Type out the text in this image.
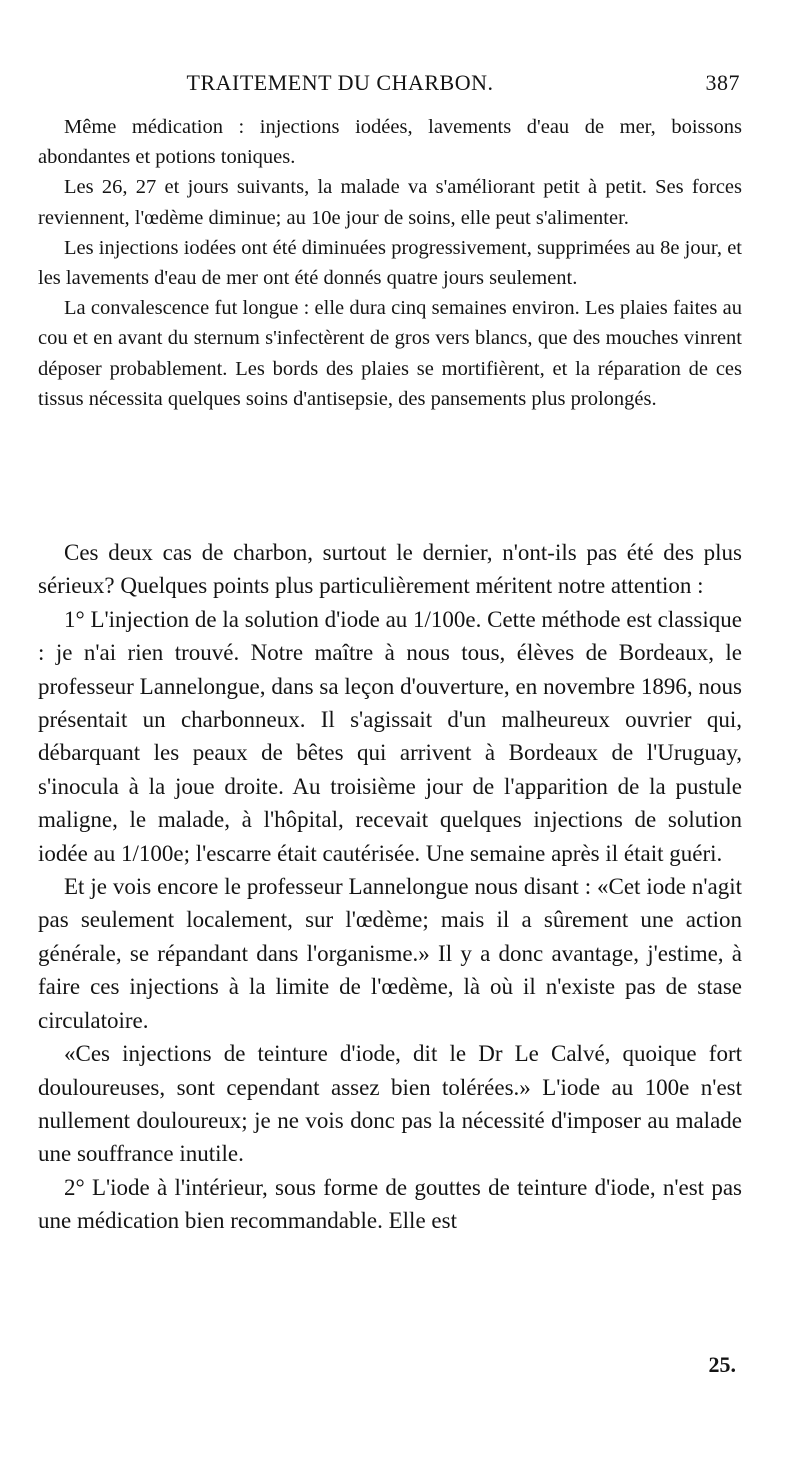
TRAITEMENT DU CHARBON.	387

Même médication : injections iodées, lavements d'eau de mer, boissons abondantes et potions toniques.

Les 26, 27 et jours suivants, la malade va s'améliorant petit à petit. Ses forces reviennent, l'œdème diminue; au 10e jour de soins, elle peut s'alimenter.

Les injections iodées ont été diminuées progressivement, supprimées au 8e jour, et les lavements d'eau de mer ont été donnés quatre jours seulement.

La convalescence fut longue : elle dura cinq semaines environ. Les plaies faites au cou et en avant du sternum s'infectèrent de gros vers blancs, que des mouches vinrent déposer probablement. Les bords des plaies se mortifièrent, et la réparation de ces tissus nécessita quelques soins d'antisepsie, des pansements plus prolongés.

Ces deux cas de charbon, surtout le dernier, n'ont-ils pas été des plus sérieux? Quelques points plus particulièrement méritent notre attention :

1° L'injection de la solution d'iode au 1/100e. Cette méthode est classique : je n'ai rien trouvé. Notre maître à nous tous, élèves de Bordeaux, le professeur Lannelongue, dans sa leçon d'ouverture, en novembre 1896, nous présentait un charbonneux. Il s'agissait d'un malheureux ouvrier qui, débarquant les peaux de bêtes qui arrivent à Bordeaux de l'Uruguay, s'inocula à la joue droite. Au troisième jour de l'apparition de la pustule maligne, le malade, à l'hôpital, recevait quelques injections de solution iodée au 1/100e; l'escarre était cautérisée. Une semaine après il était guéri.

Et je vois encore le professeur Lannelongue nous disant : «Cet iode n'agit pas seulement localement, sur l'œdème; mais il a sûrement une action générale, se répandant dans l'organisme.» Il y a donc avantage, j'estime, à faire ces injections à la limite de l'œdème, là où il n'existe pas de stase circulatoire.

«Ces injections de teinture d'iode, dit le Dr Le Calvé, quoique fort douloureuses, sont cependant assez bien tolérées.» L'iode au 100e n'est nullement douloureux; je ne vois donc pas la nécessité d'imposer au malade une souffrance inutile.

2° L'iode à l'intérieur, sous forme de gouttes de teinture d'iode, n'est pas une médication bien recommandable. Elle est

25.
